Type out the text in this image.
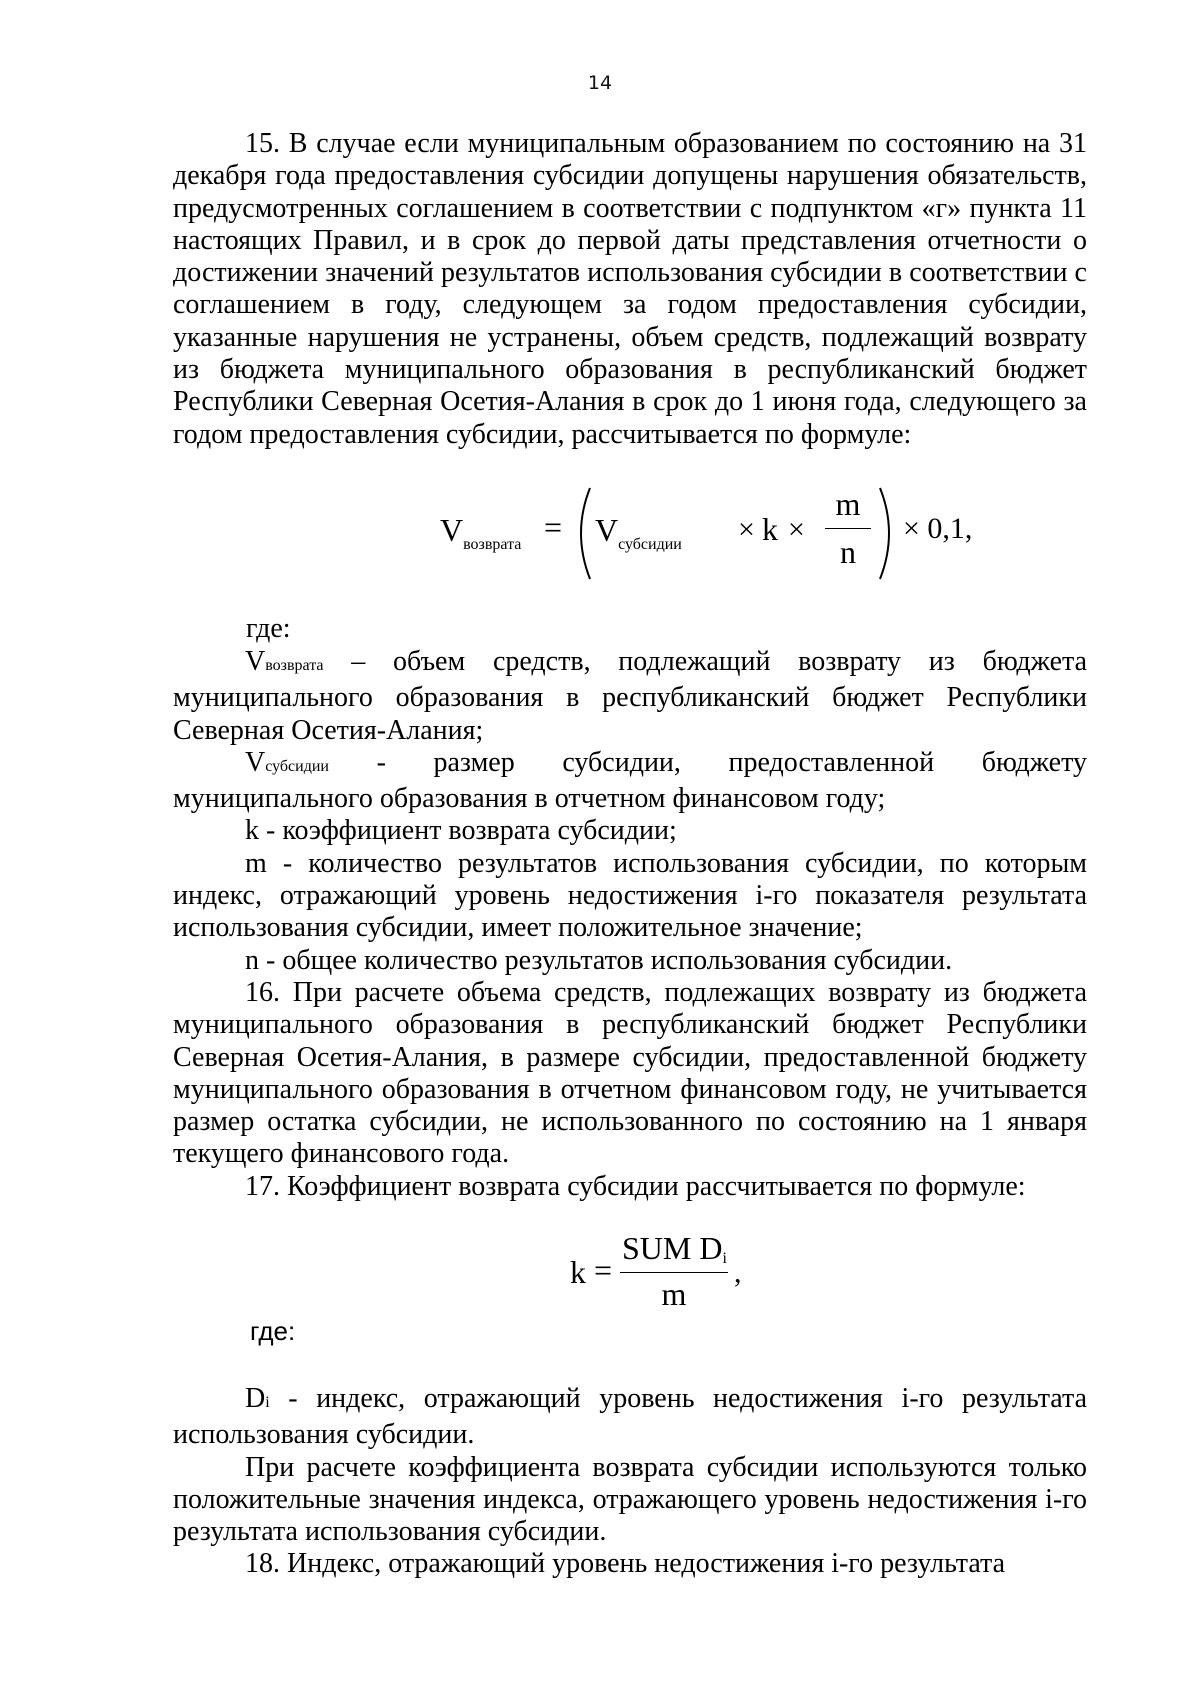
14

15. В случае если муниципальным образованием по состоянию на 31 декабря года предоставления субсидии допущены нарушения обязательств, предусмотренных соглашением в соответствии с подпунктом «г» пункта 11 настоящих Правил, и в срок до первой даты представления отчетности о достижении значений результатов использования субсидии в соответствии с соглашением в году, следующем за годом предоставления субсидии, указанные нарушения не устранены, объем средств, подлежащий возврату из бюджета муниципального образования в республиканский бюджет Республики Северная Осетия-Алания в срок до 1 июня года, следующего за годом предоставления субсидии, рассчитывается по формуле:

$V_{возврата} = V_{субсидии} \times k$ ×
m
n
× 0,1,
где:

Vвозврата – объем средств, подлежащий возврату из бюджета муниципального образования в республиканский бюджет Республики Северная Осетия-Алания;

Vсубсидии - размер субсидии, предоставленной бюджету

муниципального образования в отчетном финансовом году;

k - коэффициент возврата субсидии;

m - количество результатов использования субсидии, по которым индекс, отражающий уровень недостижения i-го показателя результата использования субсидии, имеет положительное значение;

n - общее количество результатов использования субсидии.

16. При расчете объема средств, подлежащих возврату из бюджета муниципального образования в республиканский бюджет Республики Северная Осетия-Алания, в размере субсидии, предоставленной бюджету муниципального образования в отчетном финансовом году, не учитывается размер остатка субсидии, не использованного по состоянию на 1 января текущего финансового года.

17. Коэффициент возврата субсидии рассчитывается по формуле:

k =
SUM Di
m
,
где:

Di - индекс, отражающий уровень недостижения i-го результата использования субсидии.

При расчете коэффициента возврата субсидии используются только положительные значения индекса, отражающего уровень недостижения i-го результата использования субсидии.

18. Индекс, отражающий уровень недостижения i-го результата
